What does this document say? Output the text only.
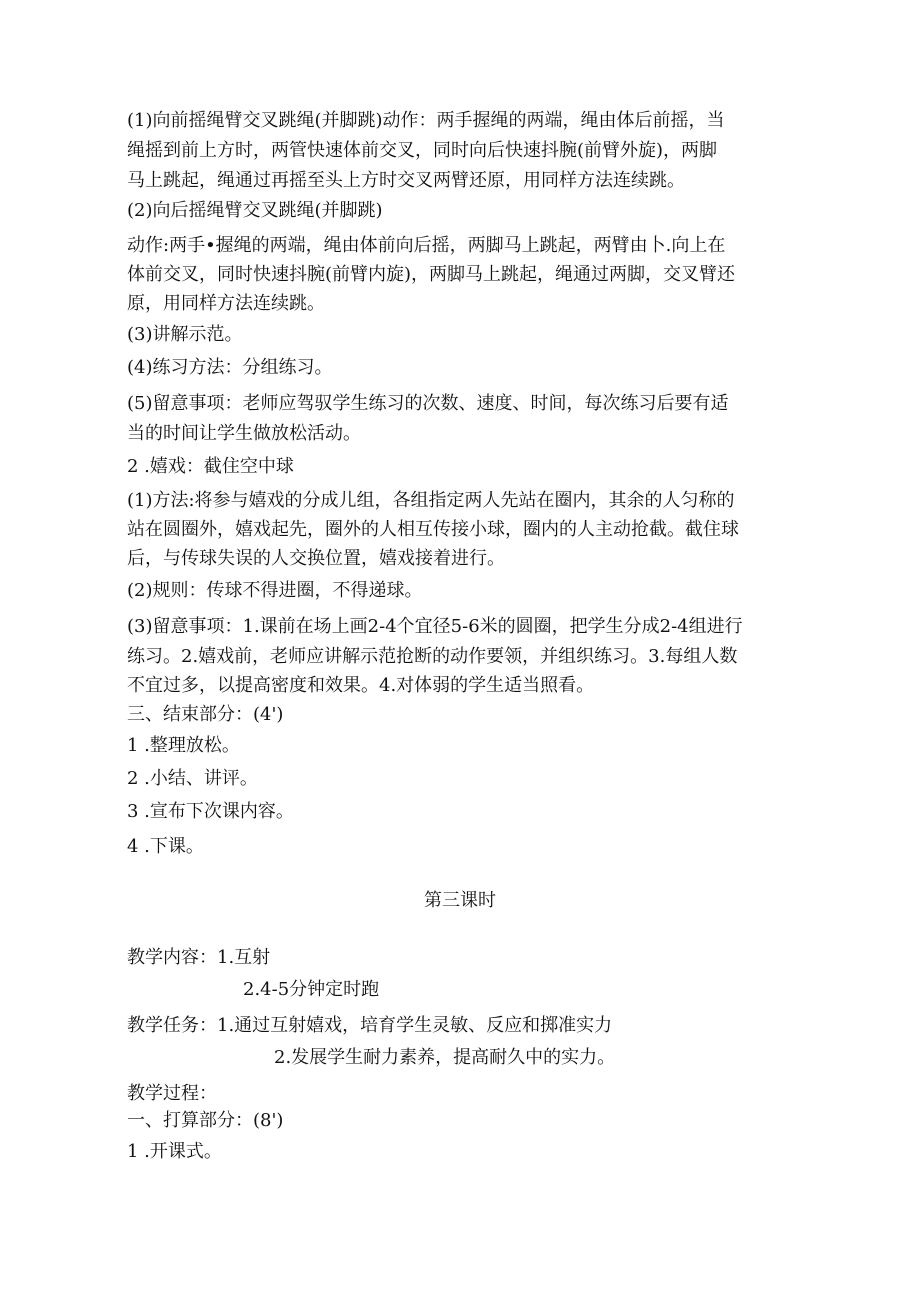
(1)向前摇绳臂交叉跳绳(并脚跳)动作：两手握绳的两端，绳由体后前摇，当
绳摇到前上方时，两管快速体前交叉，同时向后快速抖腕(前臂外旋)，两脚
马上跳起，绳通过再摇至头上方时交叉两臂还原，用同样方法连续跳。
(2)向后摇绳臂交叉跳绳(并脚跳)
动作:两手•握绳的两端，绳由体前向后摇，两脚马上跳起，两臂由卜.向上在
体前交叉，同时快速抖腕(前臂内旋)，两脚马上跳起，绳通过两脚，交叉臂还
原，用同样方法连续跳。
(3)讲解示范。
(4)练习方法：分组练习。
(5)留意事项：老师应驾驭学生练习的次数、速度、时间，每次练习后要有适
当的时间让学生做放松活动。
2 .嬉戏：截住空中球
(1)方法:将参与嬉戏的分成儿组，各组指定两人先站在圈内，其余的人匀称的
站在圆圈外，嬉戏起先，圈外的人相互传接小球，圈内的人主动抢截。截住球
后，与传球失误的人交换位置，嬉戏接着进行。
(2)规则：传球不得进圈，不得递球。
(3)留意事项：1.课前在场上画2-4个宜径5-6米的圆圈，把学生分成2-4组进行
练习。2.嬉戏前，老师应讲解示范抢断的动作要领，并组织练习。3.每组人数
不宜过多，以提高密度和效果。4.对体弱的学生适当照看。
三、结束部分：(4')
1 .整理放松。
2 .小结、讲评。
3 .宣布下次课内容。
4 .下课。
第三课时
教学内容：1.互射
2.4-5分钟定时跑
教学任务：1.通过互射嬉戏，培育学生灵敏、反应和掷准实力
2.发展学生耐力素养，提高耐久中的实力。
教学过程：
一、打算部分：(8')
1 .开课式。
